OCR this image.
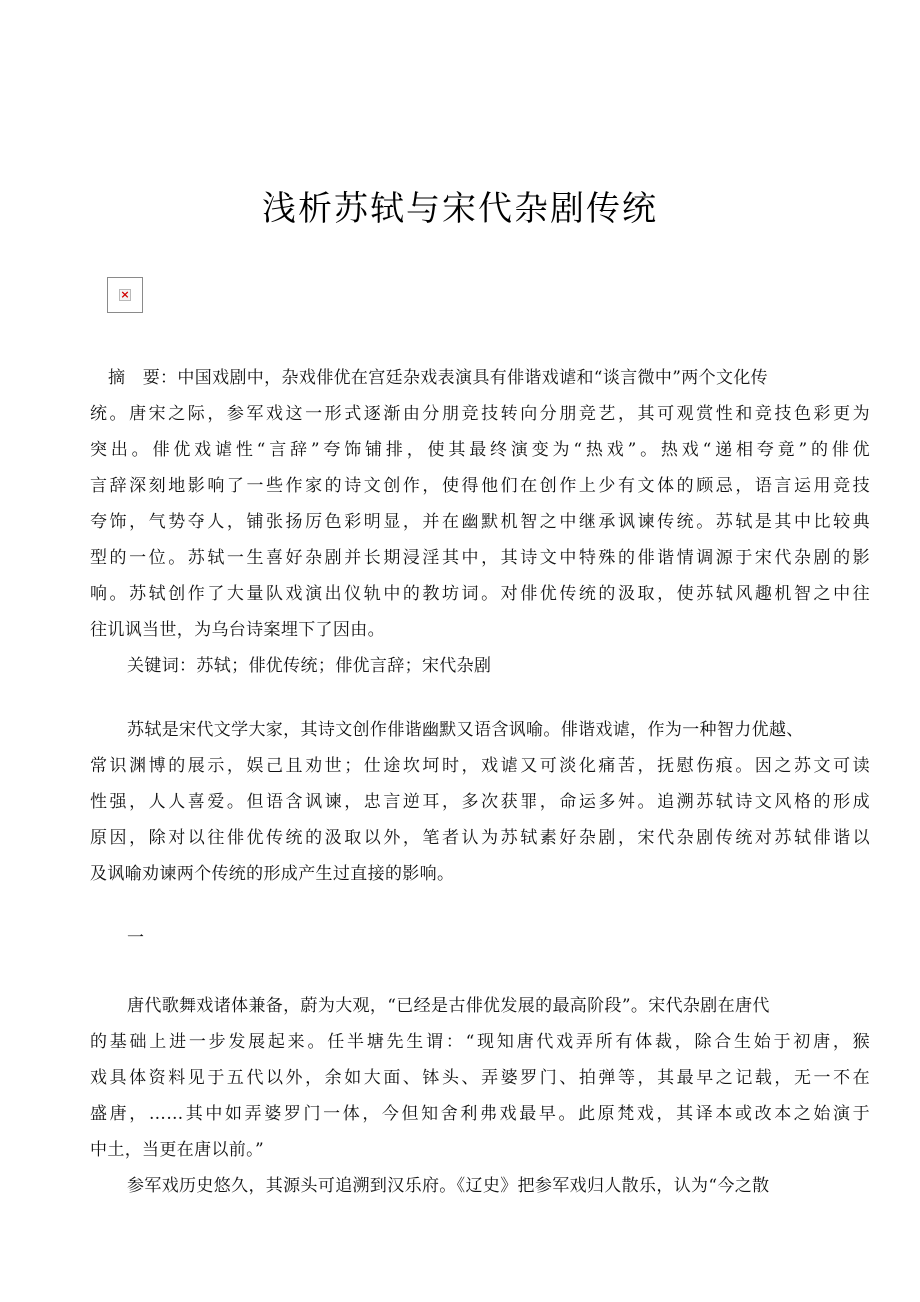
浅析苏轼与宋代杂剧传统
×
摘　要：中国戏剧中，杂戏俳优在宫廷杂戏表演具有俳谐戏谑和“谈言微中”两个文化传
统。唐宋之际，参军戏这一形式逐渐由分朋竞技转向分朋竞艺，其可观赏性和竞技色彩更为
突出。俳优戏谑性“言辞”夸饰铺排，使其最终演变为“热戏”。热戏“递相夸竟”的俳优
言辞深刻地影响了一些作家的诗文创作，使得他们在创作上少有文体的顾忌，语言运用竞技
夸饰，气势夺人，铺张扬厉色彩明显，并在幽默机智之中继承讽谏传统。苏轼是其中比较典
型的一位。苏轼一生喜好杂剧并长期浸淫其中，其诗文中特殊的俳谐情调源于宋代杂剧的影
响。苏轼创作了大量队戏演出仪轨中的教坊词。对俳优传统的汲取，使苏轼风趣机智之中往
往讥讽当世，为乌台诗案埋下了因由。
关键词：苏轼；俳优传统；俳优言辞；宋代杂剧
苏轼是宋代文学大家，其诗文创作俳谐幽默又语含讽喻。俳谐戏谑，作为一种智力优越、
常识渊博的展示，娱己且劝世；仕途坎坷时，戏谑又可淡化痛苦，抚慰伤痕。因之苏文可读
性强，人人喜爱。但语含讽谏，忠言逆耳，多次获罪，命运多舛。追溯苏轼诗文风格的形成
原因，除对以往俳优传统的汲取以外，笔者认为苏轼素好杂剧，宋代杂剧传统对苏轼俳谐以
及讽喻劝谏两个传统的形成产生过直接的影响。
一
唐代歌舞戏诸体兼备，蔚为大观，“已经是古俳优发展的最高阶段”。宋代杂剧在唐代
的基础上进一步发展起来。任半塘先生谓：“现知唐代戏弄所有体裁，除合生始于初唐，猴
戏具体资料见于五代以外，余如大面、钵头、弄婆罗门、拍弹等，其最早之记载，无一不在
盛唐，……其中如弄婆罗门一体，今但知舍利弗戏最早。此原梵戏，其译本或改本之始演于
中土，当更在唐以前。”
参军戏历史悠久，其源头可追溯到汉乐府。《辽史》把参军戏归人散乐，认为“今之散
